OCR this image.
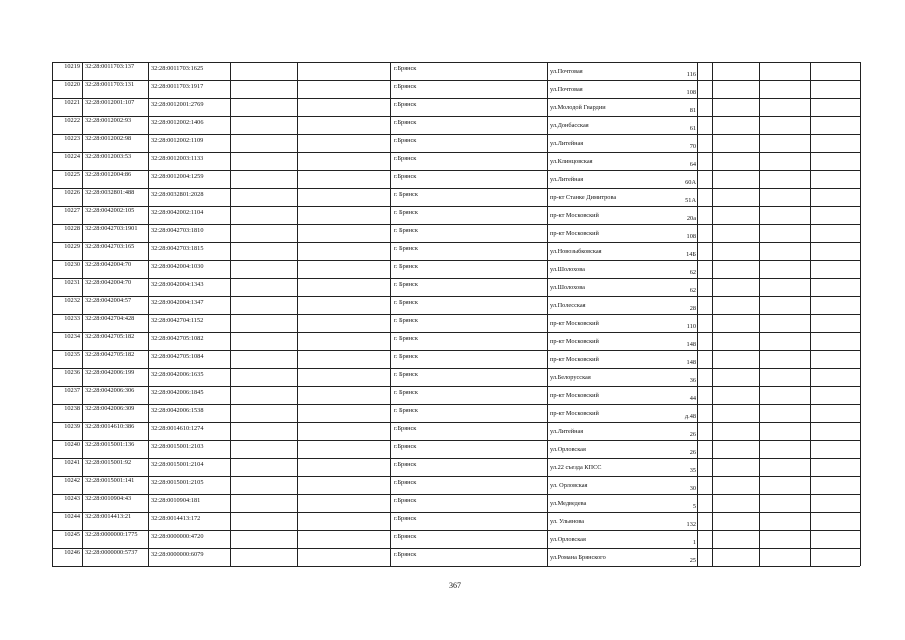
10219 32:28:0011703:137	32:28:0011703:1625	г.Брянск	ул.Почтовая	116
10220 32:28:0011703:131	32:28:0011703:1917	г.Брянск	ул.Почтовая	108
10221 32:28:0012001:107	32:28:0012001:2769	г.Брянск	ул.Молодой Гвардии	81
10222 32:28:0012002:93	32:28:0012002:1406	г.Брянск	ул.Донбасская	61
10223 32:28:0012002:98	32:28:0012002:1109	г.Брянск	ул.Литейная	70
10224 32:28:0012003:53	32:28:0012003:1133	г.Брянск	ул.Клинцовская	64
10225 32:28:0012004:86	32:28:0012004:1259	г.Брянск	ул.Литейная	60А
10226 32:28:0032801:488	32:28:0032801:2028	г. Брянск	пр-кт Станке Димитрова	51А
10227 32:28:0042002:105	32:28:0042002:1104	г. Брянск	пр-кт Московский	20а
10228 32:28:0042703:1901 32:28:0042703:1810	г. Брянск	пр-кт Московский	108
10229 32:28:0042703:165	32:28:0042703:1815	г. Брянск	ул.Новозыбковская	14Б
10230 32:28:0042004:70	32:28:0042004:1030	г. Брянск	ул.Шолохова	62
10231 32:28:0042004:70	32:28:0042004:1343	г. Брянск	ул.Шолохова	62
10232 32:28:0042004:57	32:28:0042004:1347	г. Брянск	ул.Полесская	28
10233 32:28:0042704:428	32:28:0042704:1152	г. Брянск	пр-кт Московский	110
10234 32:28:0042705:182	32:28:0042705:1082	г. Брянск	пр-кт Московский	148
10235 32:28:0042705:182	32:28:0042705:1084	г. Брянск	пр-кт Московский	148
10236 32:28:0042006:199	32:28:0042006:1635	г. Брянск	ул.Белорусская	36
10237 32:28:0042006:306	32:28:0042006:1845	г. Брянск	пр-кт Московский	44
10238 32:28:0042006:309	32:28:0042006:1538	г. Брянск	пр-кт Московский	д.48
10239 32:28:0014610:386	32:28:0014610:1274	г.Брянск	ул.Литейная	26
10240 32:28:0015001:136	32:28:0015001:2103	г.Брянск	ул.Орловская	26
10241 32:28:0015001:92	32:28:0015001:2104	г.Брянск	ул.22 съезда КПСС	35
10242 32:28:0015001:141	32:28:0015001:2105	г.Брянск	ул. Орловская	30
10243 32:28:0010904:43	32:28:0010904:181	г.Брянск	ул.Медведева	5
10244 32:28:0014413:21	32:28:0014413:172	г.Брянск	ул. Ульянова	132
10245 32:28:0000000:1775 32:28:0000000:4720	г.Брянск	ул.Орловская	1
10246 32:28:0000000:5737 32:28:0000000:6079	г.Брянск	ул.Романа Брянского	25
367
